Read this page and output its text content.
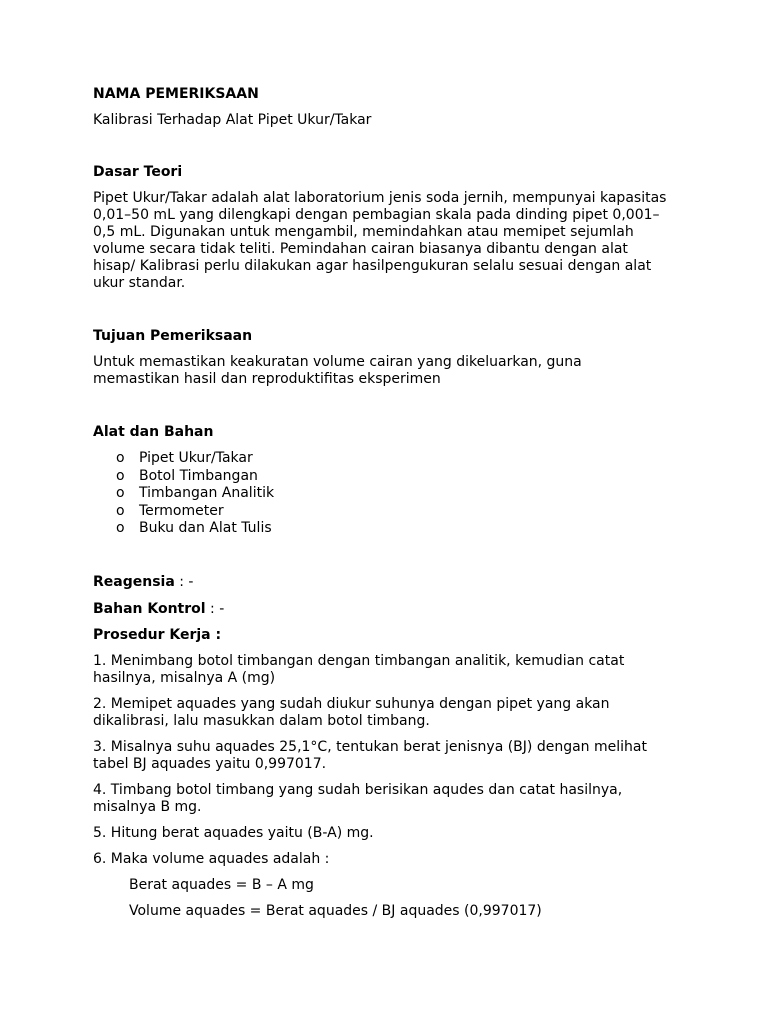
NAMA PEMERIKSAAN
Kalibrasi Terhadap Alat Pipet Ukur/Takar
Dasar Teori
Pipet Ukur/Takar adalah alat laboratorium jenis soda jernih, mempunyai kapasitas
0,01–50 mL yang dilengkapi dengan pembagian skala pada dinding pipet 0,001–
0,5 mL. Digunakan untuk mengambil, memindahkan atau memipet sejumlah
volume secara tidak teliti. Pemindahan cairan biasanya dibantu dengan alat
hisap/ Kalibrasi perlu dilakukan agar hasilpengukuran selalu sesuai dengan alat
ukur standar.
Tujuan Pemeriksaan
Untuk memastikan keakuratan volume cairan yang dikeluarkan, guna
memastikan hasil dan reproduktifitas eksperimen
Alat dan Bahan
o Pipet Ukur/Takar
o Botol Timbangan
o Timbangan Analitik
o Termometer
o Buku dan Alat Tulis
Reagensia : -
Bahan Kontrol : -
Prosedur Kerja :
1. Menimbang botol timbangan dengan timbangan analitik, kemudian catat
hasilnya, misalnya A (mg)
2. Memipet aquades yang sudah diukur suhunya dengan pipet yang akan
dikalibrasi, lalu masukkan dalam botol timbang.
3. Misalnya suhu aquades 25,1°C, tentukan berat jenisnya (BJ) dengan melihat
tabel BJ aquades yaitu 0,997017.
4. Timbang botol timbang yang sudah berisikan aqudes dan catat hasilnya,
misalnya B mg.
5. Hitung berat aquades yaitu (B-A) mg.
6. Maka volume aquades adalah :
Berat aquades = B – A mg
Volume aquades = Berat aquades / BJ aquades (0,997017)
